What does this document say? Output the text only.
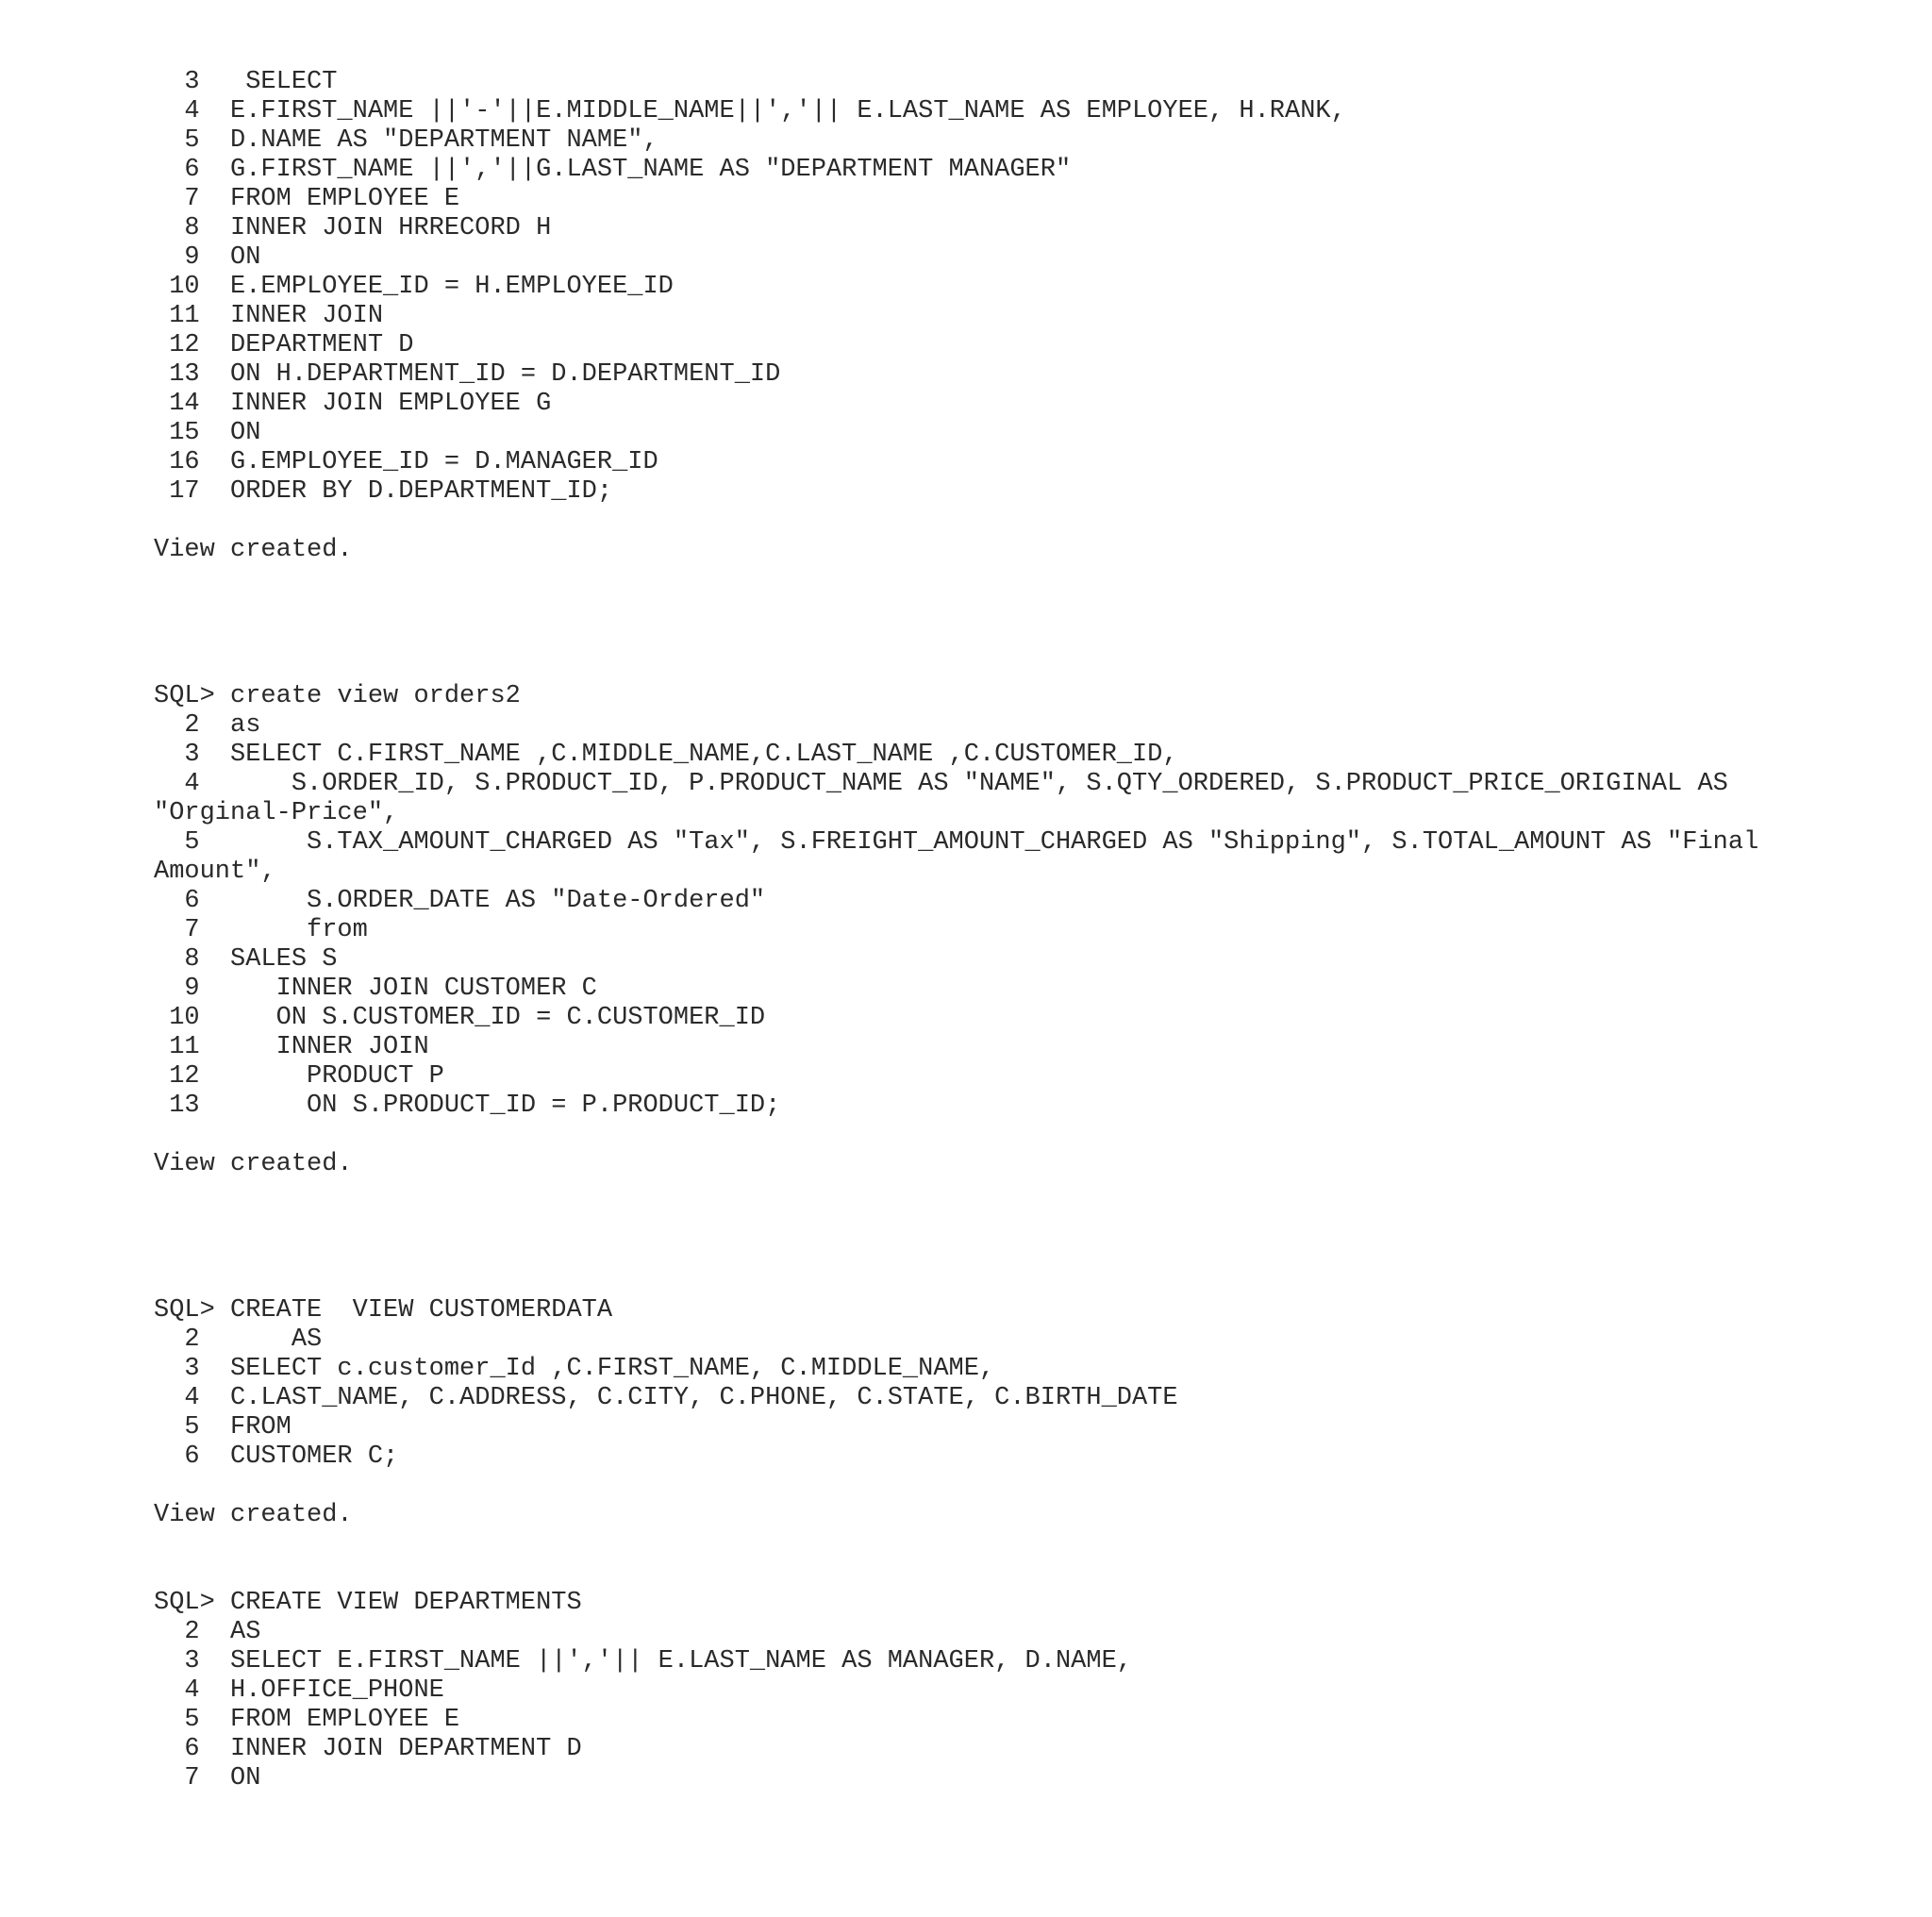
3   SELECT
4  E.FIRST_NAME ||'-'||E.MIDDLE_NAME||','|| E.LAST_NAME AS EMPLOYEE, H.RANK,
5  D.NAME AS "DEPARTMENT NAME",
6  G.FIRST_NAME ||','||G.LAST_NAME AS "DEPARTMENT MANAGER"
7  FROM EMPLOYEE E
8  INNER JOIN HRRECORD H
9  ON
10  E.EMPLOYEE_ID = H.EMPLOYEE_ID
11  INNER JOIN
12  DEPARTMENT D
13  ON H.DEPARTMENT_ID = D.DEPARTMENT_ID
14  INNER JOIN EMPLOYEE G
15  ON
16  G.EMPLOYEE_ID = D.MANAGER_ID
17  ORDER BY D.DEPARTMENT_ID;
View created.
SQL> create view orders2
2  as
3  SELECT C.FIRST_NAME ,C.MIDDLE_NAME,C.LAST_NAME ,C.CUSTOMER_ID,
4      S.ORDER_ID, S.PRODUCT_ID, P.PRODUCT_NAME AS "NAME", S.QTY_ORDERED, S.PRODUCT_PRICE_ORIGINAL AS
"Orginal-Price",
5       S.TAX_AMOUNT_CHARGED AS "Tax", S.FREIGHT_AMOUNT_CHARGED AS "Shipping", S.TOTAL_AMOUNT AS "Final
Amount",
6       S.ORDER_DATE AS "Date-Ordered"
7       from
8  SALES S
9     INNER JOIN CUSTOMER C
10     ON S.CUSTOMER_ID = C.CUSTOMER_ID
11     INNER JOIN
12       PRODUCT P
13       ON S.PRODUCT_ID = P.PRODUCT_ID;
View created.
SQL> CREATE  VIEW CUSTOMERDATA
2      AS
3  SELECT c.customer_Id ,C.FIRST_NAME, C.MIDDLE_NAME,
4  C.LAST_NAME, C.ADDRESS, C.CITY, C.PHONE, C.STATE, C.BIRTH_DATE
5  FROM
6  CUSTOMER C;
View created.
SQL> CREATE VIEW DEPARTMENTS
2  AS
3  SELECT E.FIRST_NAME ||','|| E.LAST_NAME AS MANAGER, D.NAME,
4  H.OFFICE_PHONE
5  FROM EMPLOYEE E
6  INNER JOIN DEPARTMENT D
7  ON
